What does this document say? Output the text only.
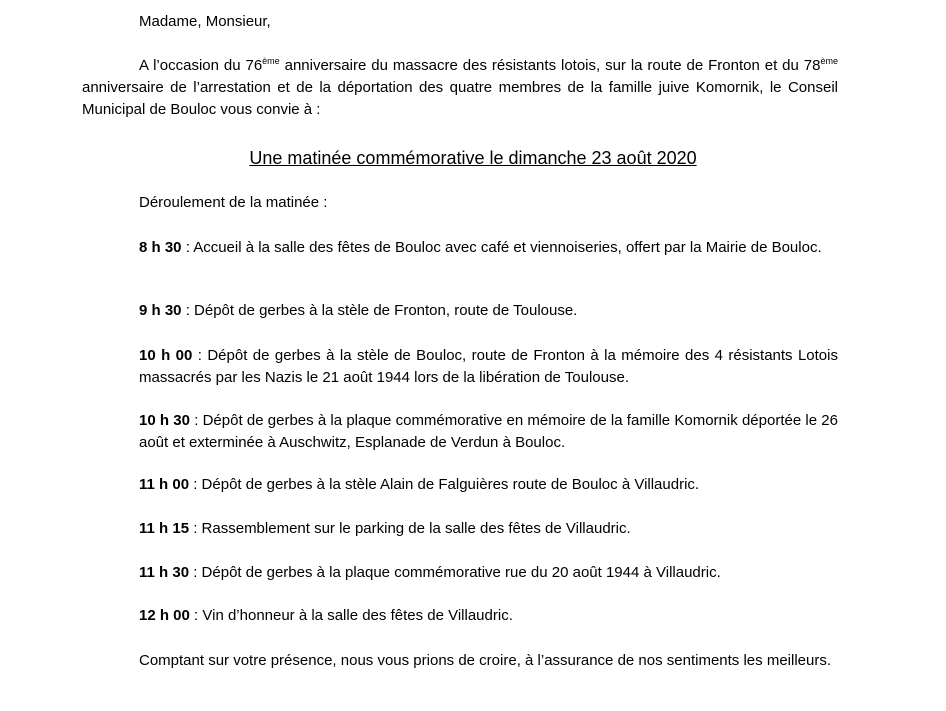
Madame, Monsieur,
A l’occasion du 76ème anniversaire du massacre des résistants lotois, sur la route de Fronton et du 78ème anniversaire de l’arrestation et de la déportation des quatre membres de la famille juive Komornik, le Conseil Municipal de Bouloc vous convie à :
Une matinée commémorative le dimanche 23 août 2020
Déroulement de la matinée :
8 h 30 : Accueil à la salle des fêtes de Bouloc avec café et viennoiseries, offert par la Mairie de Bouloc.
9 h 30 : Dépôt de gerbes à la stèle de Fronton, route de Toulouse.
10 h 00 : Dépôt de gerbes à la stèle de Bouloc, route de Fronton à la mémoire des 4 résistants Lotois massacrés par les Nazis le 21 août 1944 lors de la libération de Toulouse.
10 h 30 : Dépôt de gerbes à la plaque commémorative en mémoire de la famille Komornik déportée le 26 août et exterminée à Auschwitz, Esplanade de Verdun à Bouloc.
11 h 00 : Dépôt de gerbes à la stèle Alain de Falguières route de Bouloc à Villaudric.
11 h 15 : Rassemblement sur le parking de la salle des fêtes de Villaudric.
11 h 30 : Dépôt de gerbes à la plaque commémorative rue du 20 août 1944 à Villaudric.
12 h 00 : Vin d’honneur à la salle des fêtes de Villaudric.
Comptant sur votre présence, nous vous prions de croire, à l’assurance de nos sentiments les meilleurs.
